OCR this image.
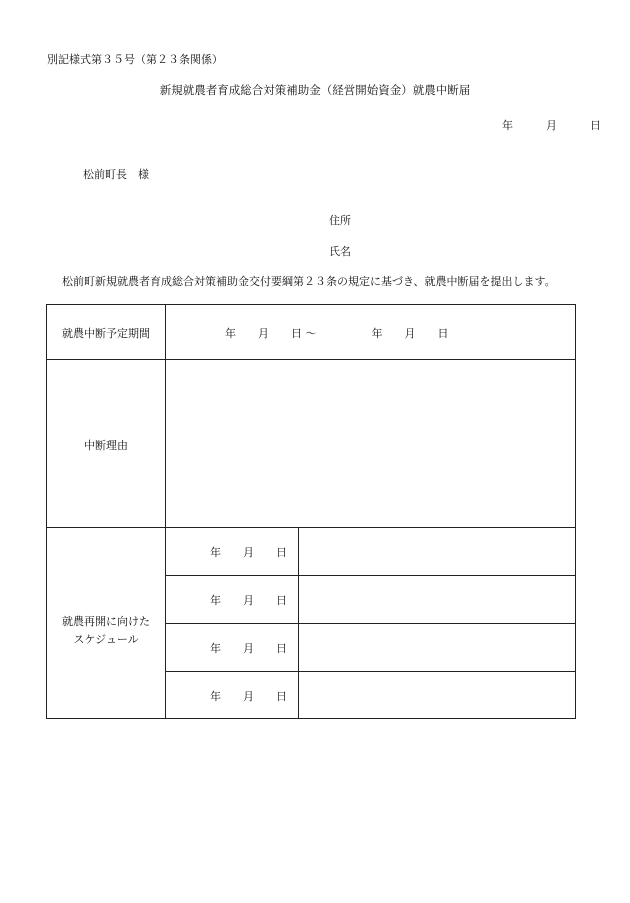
別記様式第３５号（第２３条関係）
新規就農者育成総合対策補助金（経営開始資金）就農中断届
年	月	日
松前町長　様
住所
氏名
松前町新規就農者育成総合対策補助金交付要綱第２３条の規定に基づき、就農中断届を提出します。
就農中断予定期間	年　　月　　日 ～　　　　　年　　月　　日
中断理由
就農再開に向けた
スケジュール
年　　月　　日
年　　月　　日
年　　月　　日
年　　月　　日
